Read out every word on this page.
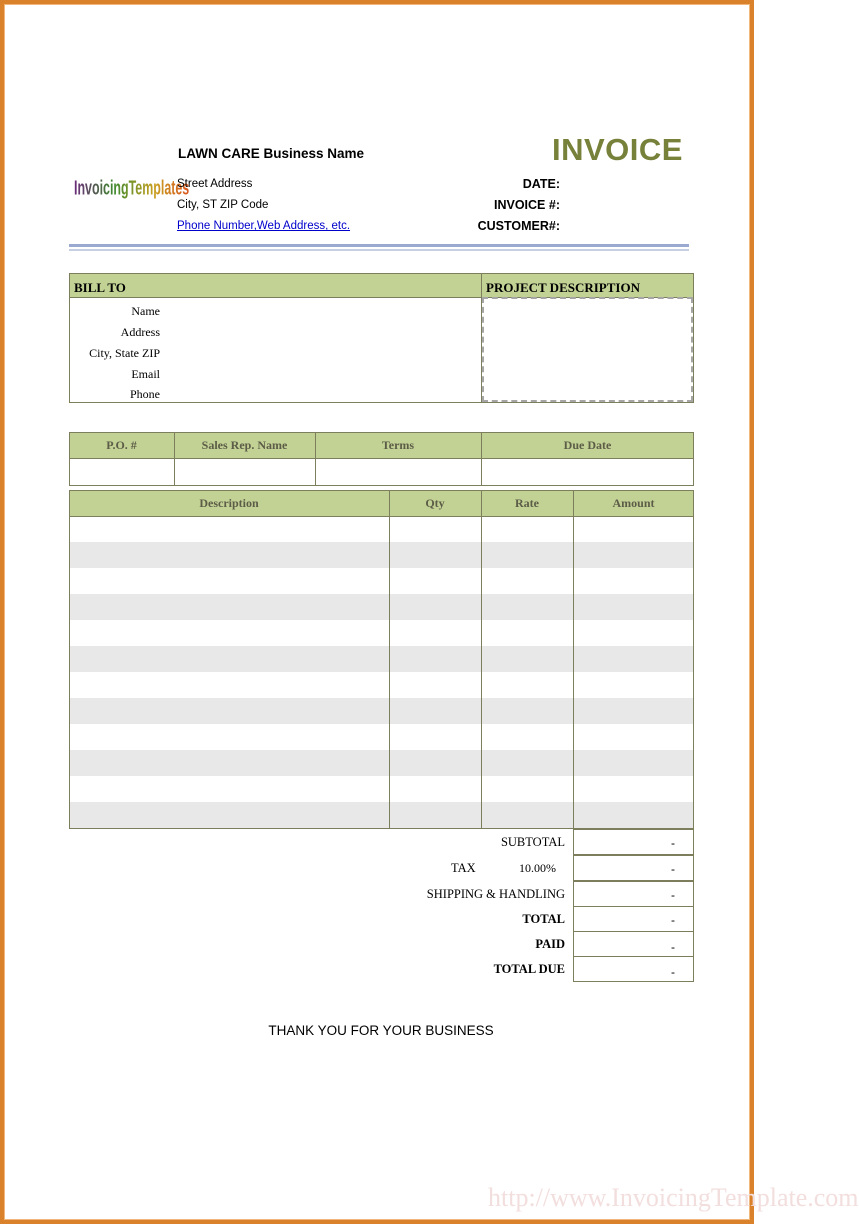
InvoicingTemplates
LAWN CARE Business Name
Street Address
City, ST ZIP Code
Phone Number,Web Address, etc.
INVOICE
DATE:
INVOICE #:
CUSTOMER#:
BILL TO	PROJECT DESCRIPTION
Name
Address
City, State ZIP
Email
Phone
P.O. #	Sales Rep. Name	Terms	Due Date
Description	Qty	Rate	Amount
SUBTOTAL	-
TAX	10.00%	-
SHIPPING & HANDLING	-
TOTAL	-
PAID	-
TOTAL DUE	-
THANK YOU FOR YOUR BUSINESS
http://www.InvoicingTemplate.com
